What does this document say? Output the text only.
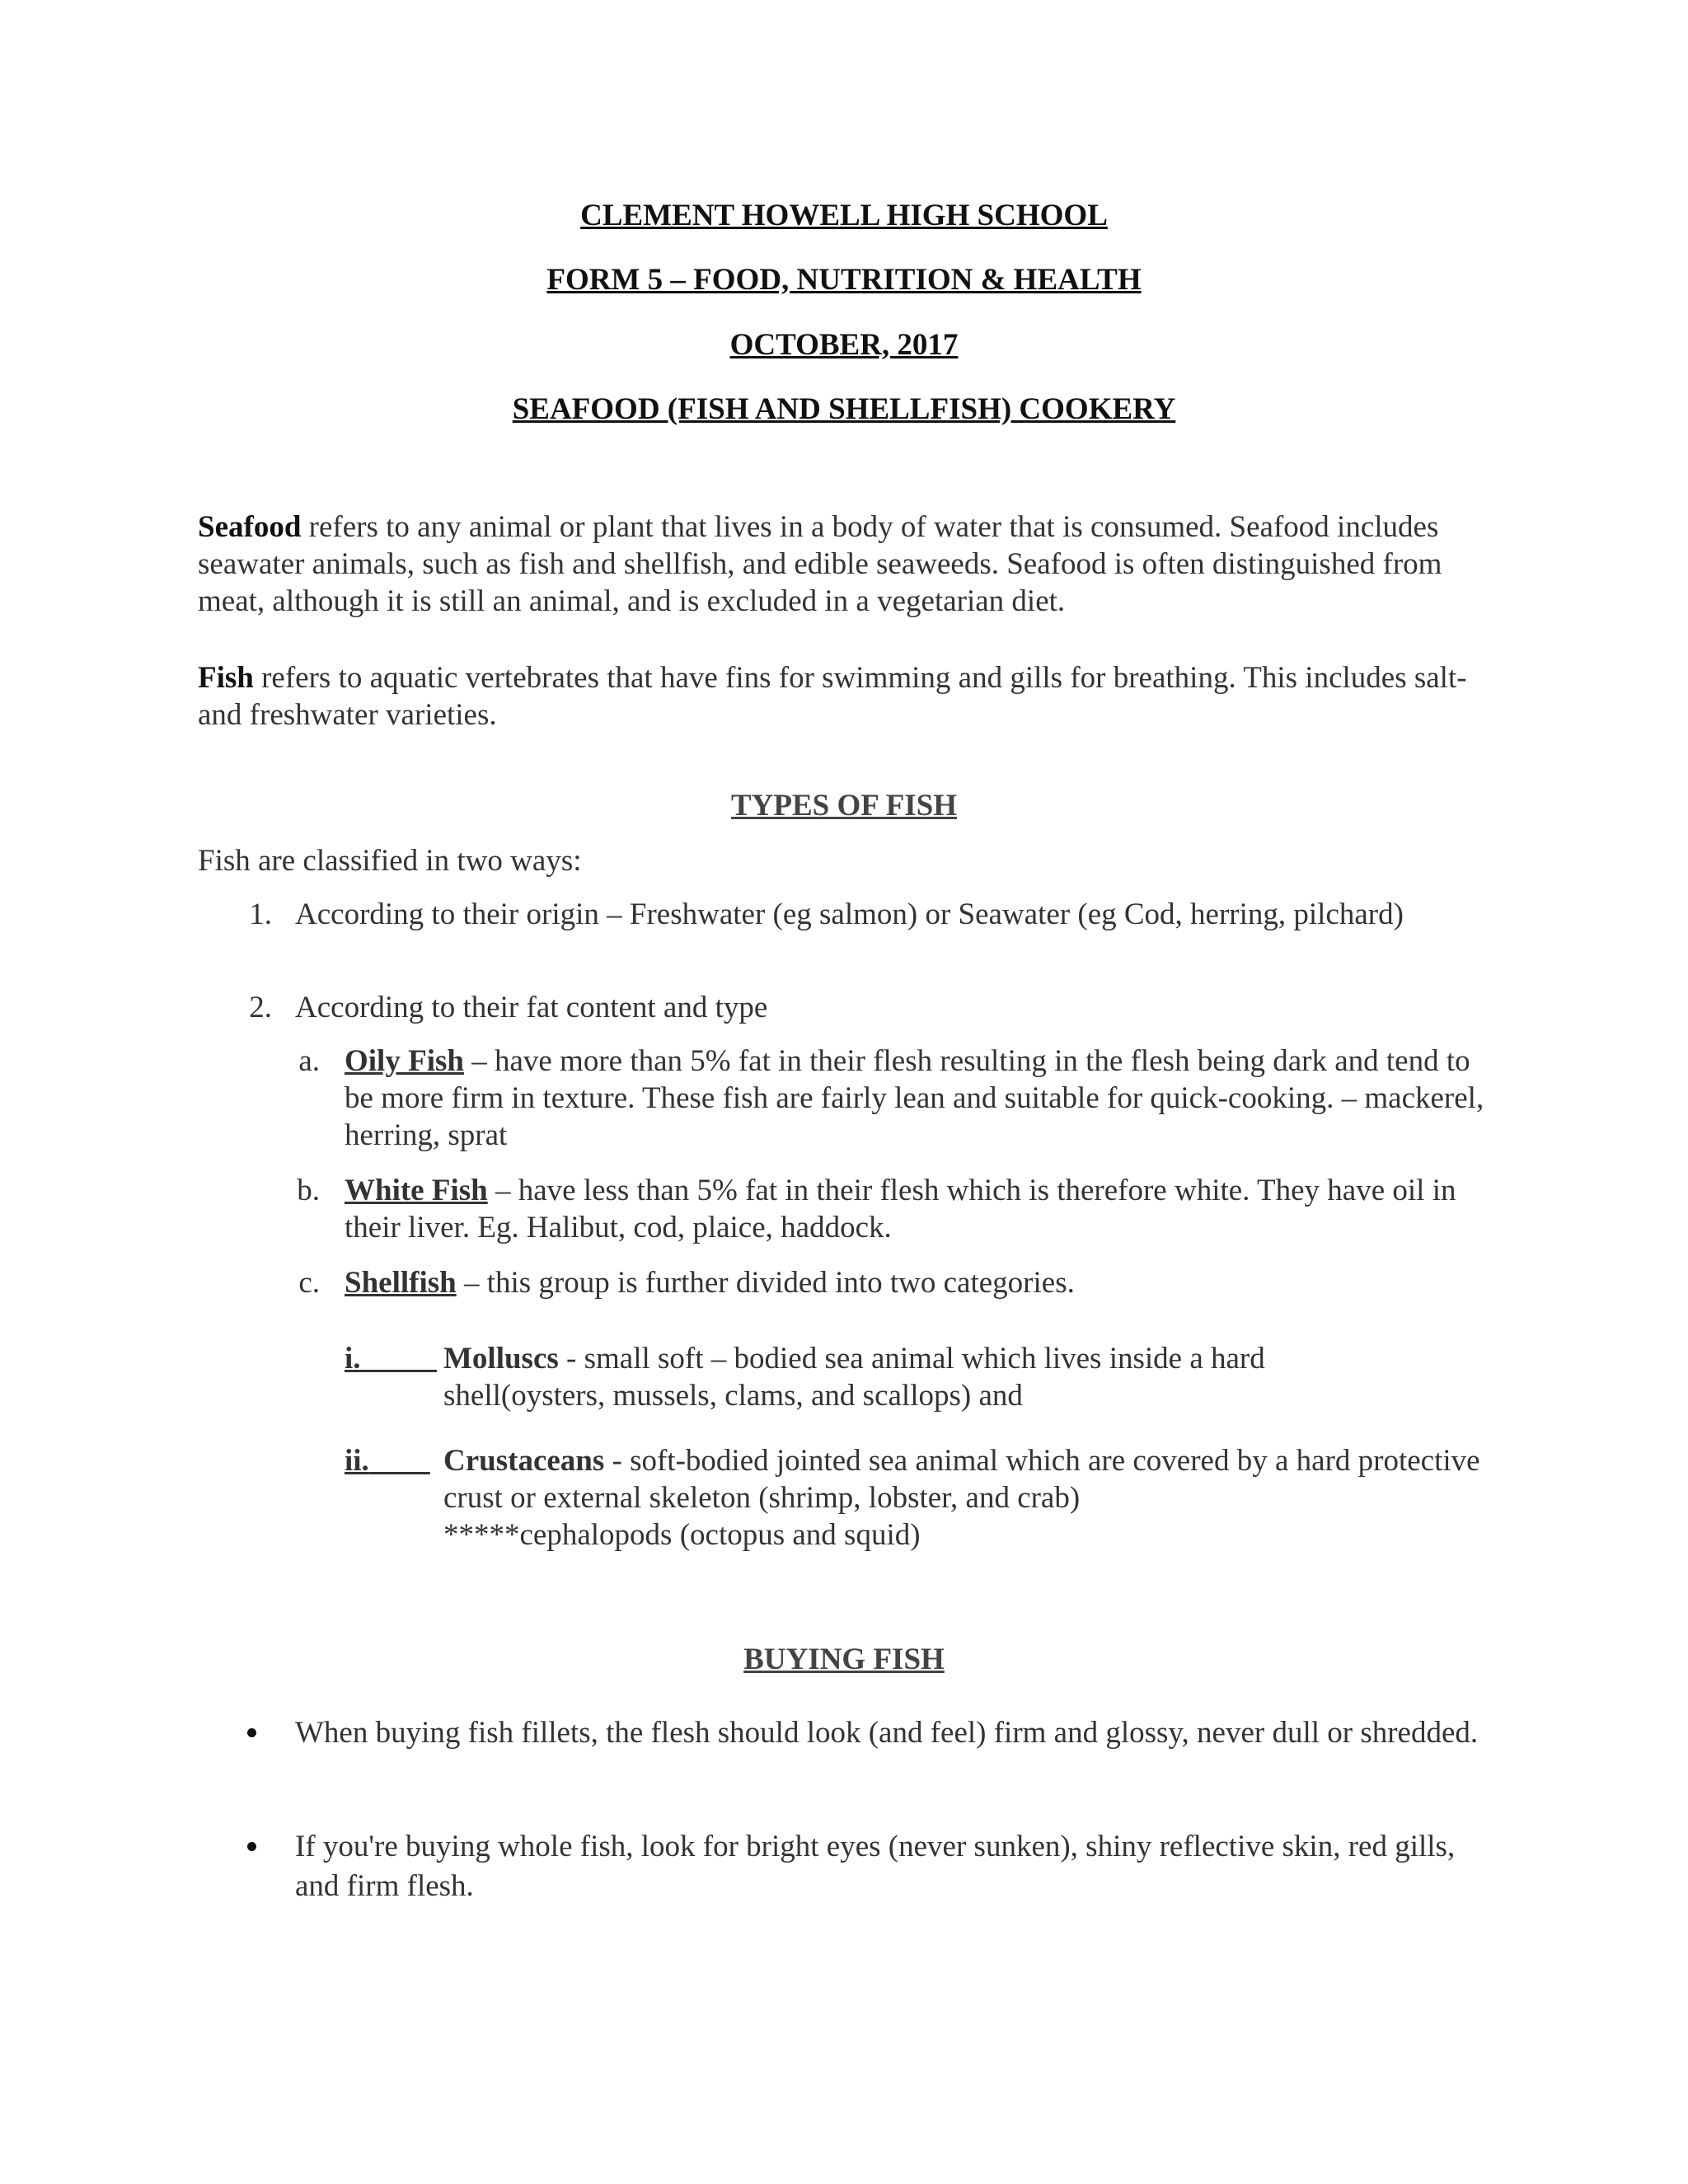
CLEMENT HOWELL HIGH SCHOOL
FORM 5 – FOOD, NUTRITION & HEALTH
OCTOBER, 2017
SEAFOOD (FISH AND SHELLFISH) COOKERY
Seafood refers to any animal or plant that lives in a body of water that is consumed. Seafood includes seawater animals, such as fish and shellfish, and edible seaweeds. Seafood is often distinguished from meat, although it is still an animal, and is excluded in a vegetarian diet.
Fish refers to aquatic vertebrates that have fins for swimming and gills for breathing. This includes salt- and freshwater varieties.
TYPES OF FISH
Fish are classified in two ways:
1. According to their origin – Freshwater (eg salmon) or Seawater (eg Cod, herring, pilchard)
2. According to their fat content and type
a. Oily Fish – have more than 5% fat in their flesh resulting in the flesh being dark and tend to be more firm in texture. These fish are fairly lean and suitable for quick-cooking. – mackerel, herring, sprat
b. White Fish – have less than 5% fat in their flesh which is therefore white. They have oil in their liver. Eg. Halibut, cod, plaice, haddock.
c. Shellfish – this group is further divided into two categories.
i.​ Molluscs - small soft – bodied sea animal which lives inside a hard shell(oysters, mussels, clams, and scallops) and
ii.​ Crustaceans - soft-bodied jointed sea animal which are covered by a hard protective crust or external skeleton (shrimp, lobster, and crab)
*****cephalopods (octopus and squid)
BUYING FISH
When buying fish fillets, the flesh should look (and feel) firm and glossy, never dull or shredded.
If you're buying whole fish, look for bright eyes (never sunken), shiny reflective skin, red gills, and firm flesh.
